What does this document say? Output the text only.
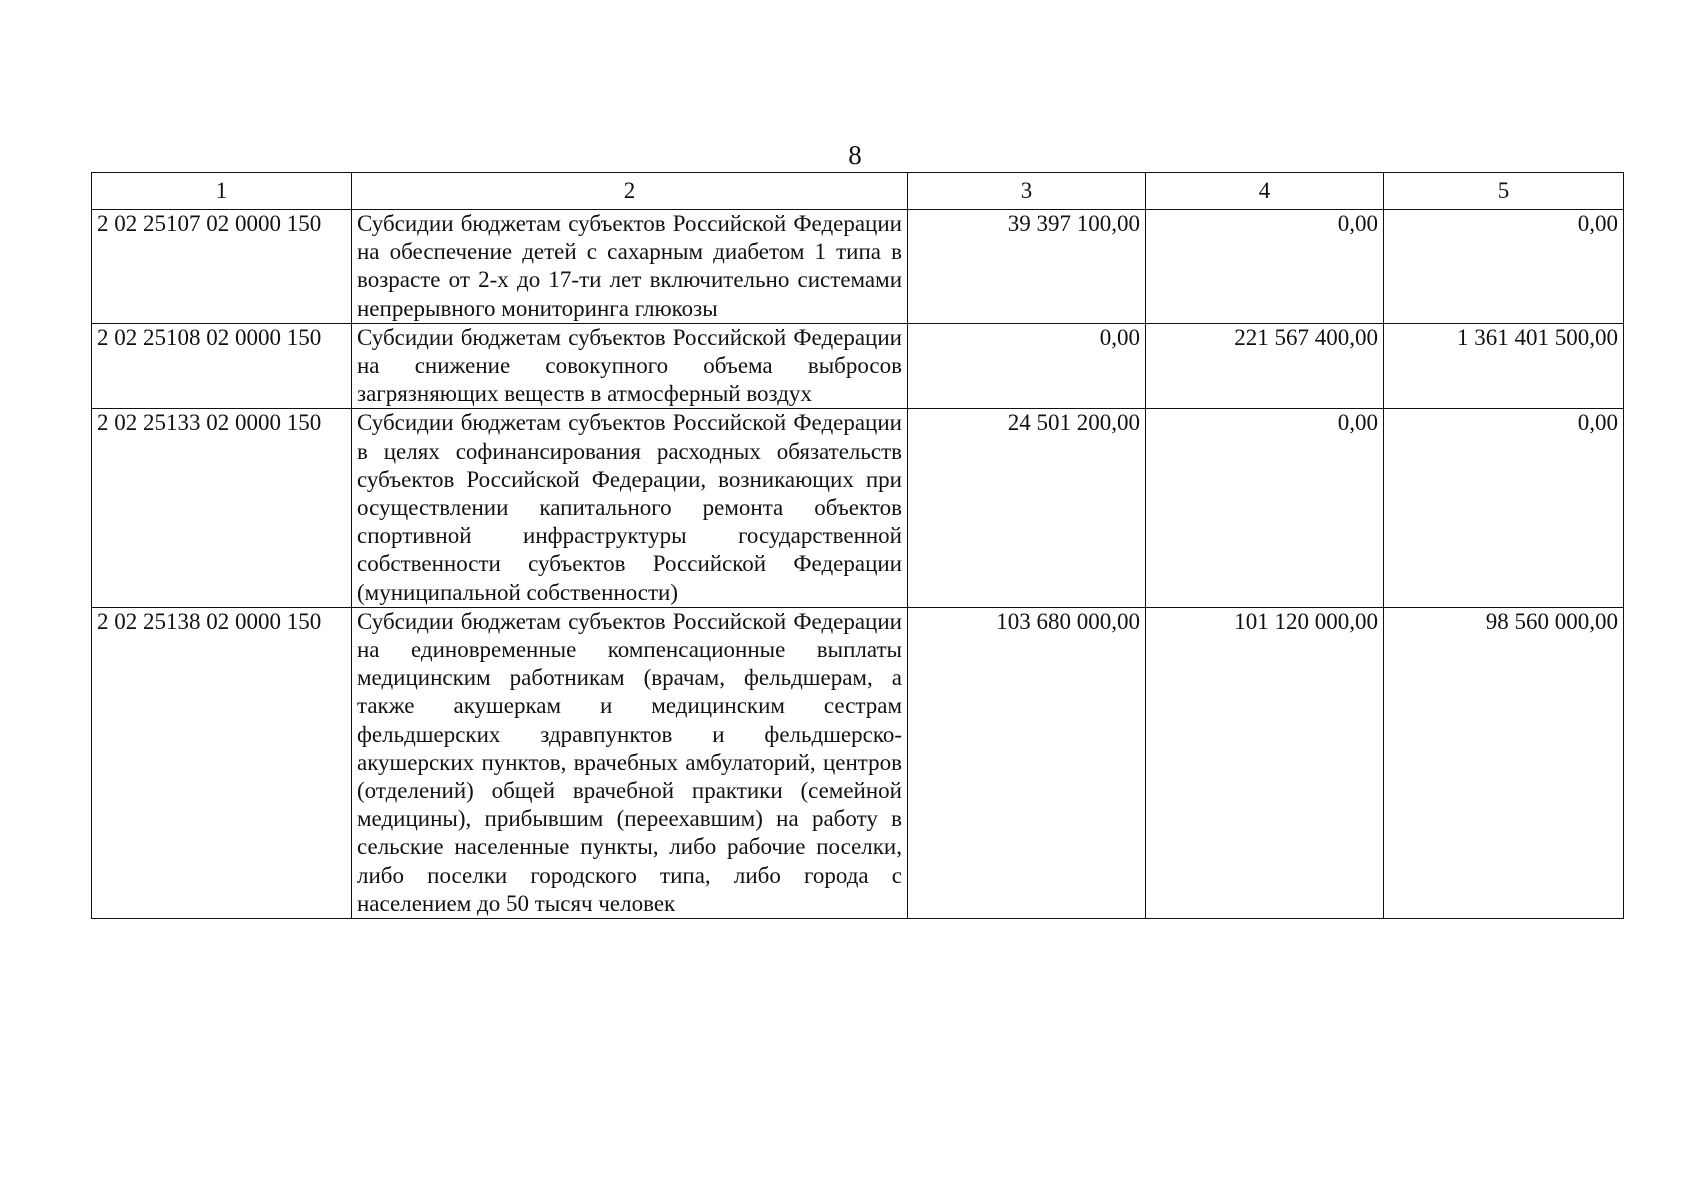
8
1	2	3	4	5
2 02 25107 02 0000 150	Субсидии бюджетам субъектов Российской Федерации на обеспечение детей с сахарным диабетом 1 типа в возрасте от 2-х до 17-ти лет включительно системами непрерывного мониторинга глюкозы	39 397 100,00	0,00	0,00
2 02 25108 02 0000 150	Субсидии бюджетам субъектов Российской Федерации на снижение совокупного объема выбросов загрязняющих веществ в атмосферный воздух	0,00	221 567 400,00	1 361 401 500,00
2 02 25133 02 0000 150	Субсидии бюджетам субъектов Российской Федерации в целях софинансирования расходных обязательств субъектов Российской Федерации, возникающих при осуществлении капитального ремонта объектов спортивной инфраструктуры государственной собственности субъектов Российской Федерации (муниципальной собственности)	24 501 200,00	0,00	0,00
2 02 25138 02 0000 150	Субсидии бюджетам субъектов Российской Федерации на единовременные компенсационные выплаты медицинским работникам (врачам, фельдшерам, а также акушеркам и медицинским сестрам фельдшерских здравпунктов и фельдшерско-акушерских пунктов, врачебных амбулаторий, центров (отделений) общей врачебной практики (семейной медицины), прибывшим (переехавшим) на работу в сельские населенные пункты, либо рабочие поселки, либо поселки городского типа, либо города с населением до 50 тысяч человек	103 680 000,00	101 120 000,00	98 560 000,00
